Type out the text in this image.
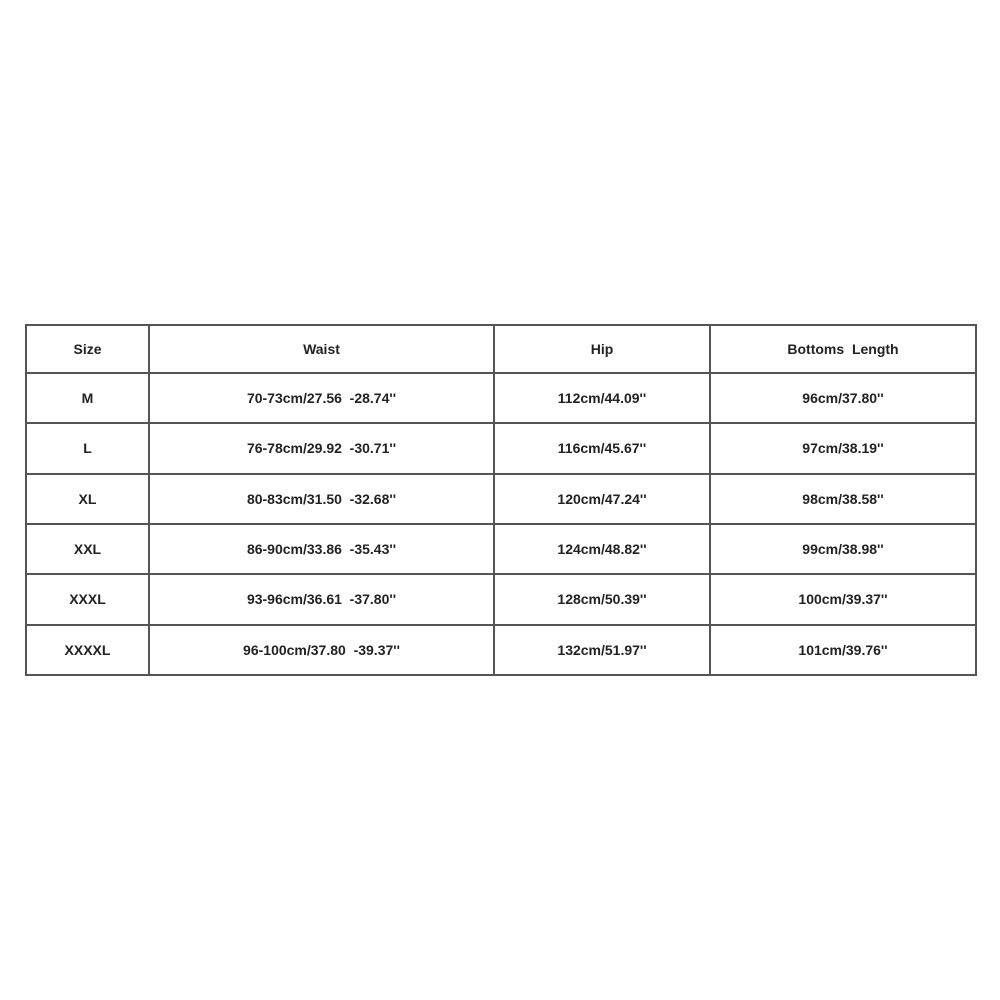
Size	Waist	Hip	Bottoms  Length
M	70-73cm/27.56  -28.74''	112cm/44.09''	96cm/37.80''
L	76-78cm/29.92  -30.71''	116cm/45.67''	97cm/38.19''
XL	80-83cm/31.50  -32.68''	120cm/47.24''	98cm/38.58''
XXL	86-90cm/33.86  -35.43''	124cm/48.82''	99cm/38.98''
XXXL	93-96cm/36.61  -37.80''	128cm/50.39''	100cm/39.37''
XXXXL	96-100cm/37.80  -39.37''	132cm/51.97''	101cm/39.76''
